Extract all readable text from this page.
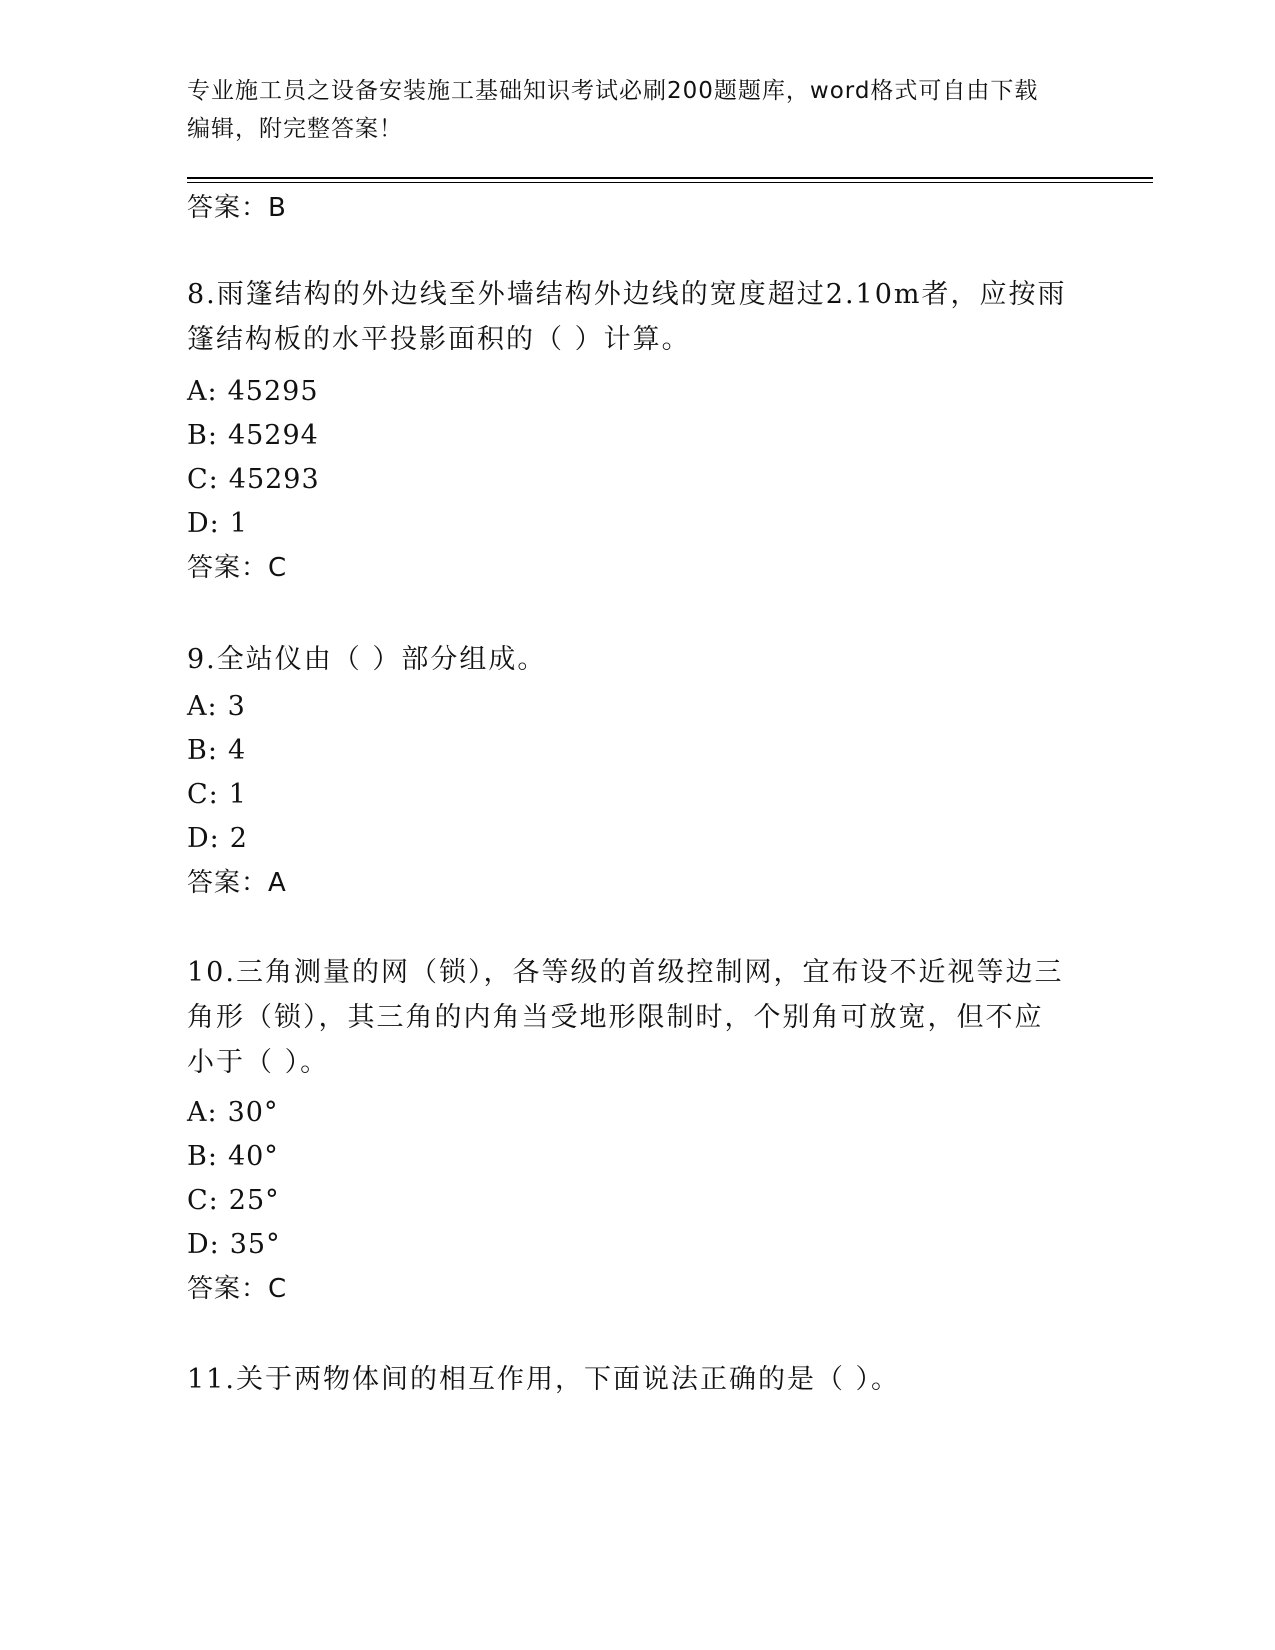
专业施工员之设备安装施工基础知识考试必刷200题题库，word格式可自由下载
编辑，附完整答案！
答案：B
8.雨篷结构的外边线至外墙结构外边线的宽度超过2.10m者，应按雨
篷结构板的水平投影面积的（ ）计算。
A: 45295
B: 45294
C: 45293
D: 1
答案：C
9.全站仪由（ ）部分组成。
A: 3
B: 4
C: 1
D: 2
答案：A
10.三角测量的网（锁），各等级的首级控制网，宜布设不近视等边三
角形（锁），其三角的内角当受地形限制时，个别角可放宽，但不应
小于（ ）。
A: 30°
B: 40°
C: 25°
D: 35°
答案：C
11.关于两物体间的相互作用，下面说法正确的是（ ）。
